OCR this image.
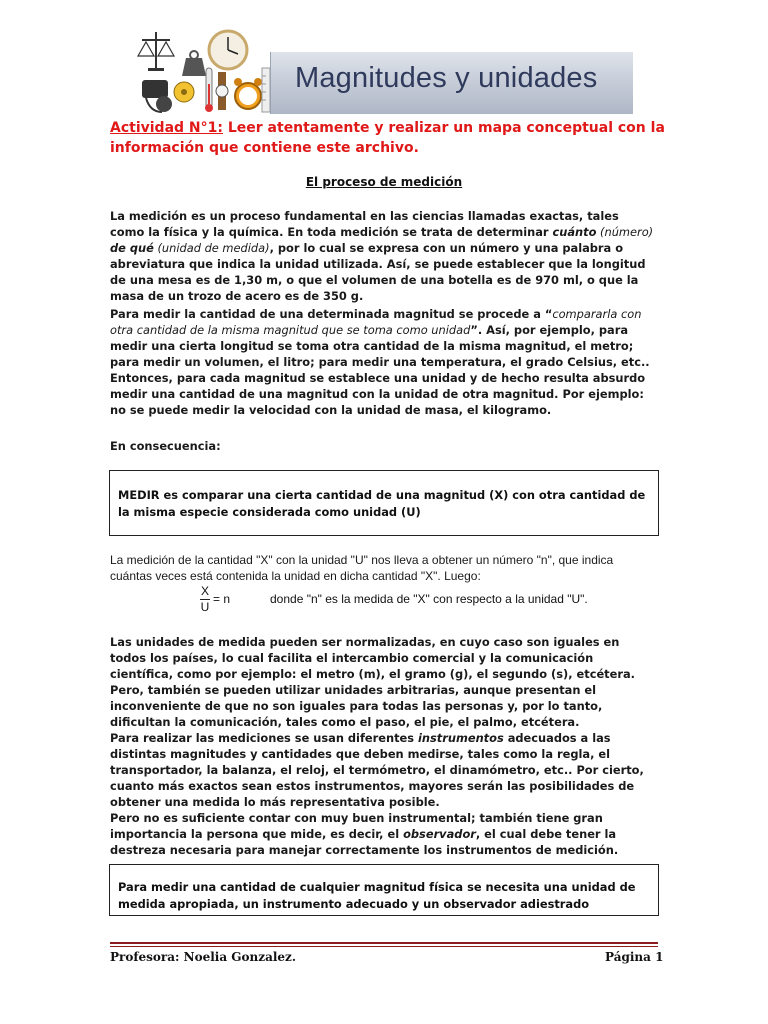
Magnitudes y unidades
Actividad N°1: Leer atentamente y realizar un mapa conceptual con la información que contiene este archivo.
El proceso de medición
La medición es un proceso fundamental en las ciencias llamadas exactas, tales como la física y la química. En toda medición se trata de determinar cuánto (número) de qué (unidad de medida), por lo cual se expresa con un número y una palabra o abreviatura que indica la unidad utilizada. Así, se puede establecer que la longitud de una mesa es de 1,30 m, o que el volumen de una botella es de 970 ml, o que la masa de un trozo de acero es de 350 g.
Para medir la cantidad de una determinada magnitud se procede a “compararla con otra cantidad de la misma magnitud que se toma como unidad”. Así, por ejemplo, para medir una cierta longitud se toma otra cantidad de la misma magnitud, el metro; para medir un volumen, el litro; para medir una temperatura, el grado Celsius, etc.. Entonces, para cada magnitud se establece una unidad y de hecho resulta absurdo medir una cantidad de una magnitud con la unidad de otra magnitud. Por ejemplo: no se puede medir la velocidad con la unidad de masa, el kilogramo.
En consecuencia:
MEDIR es comparar una cierta cantidad de una magnitud (X) con otra cantidad de la misma especie considerada como unidad (U)
La medición de la cantidad "X" con la unidad "U" nos lleva a obtener un número "n", que indica cuántas veces está contenida la unidad en dicha cantidad "X". Luego:
X
U
= n	donde "n" es la medida de "X" con respecto a la unidad "U".
Las unidades de medida pueden ser normalizadas, en cuyo caso son iguales en todos los países, lo cual facilita el intercambio comercial y la comunicación científica, como por ejemplo: el metro (m), el gramo (g), el segundo (s), etcétera. Pero, también se pueden utilizar unidades arbitrarias, aunque presentan el inconveniente de que no son iguales para todas las personas y, por lo tanto, dificultan la comunicación, tales como el paso, el pie, el palmo, etcétera.
Para realizar las mediciones se usan diferentes instrumentos adecuados a las distintas magnitudes y cantidades que deben medirse, tales como la regla, el transportador, la balanza, el reloj, el termómetro, el dinamómetro, etc.. Por cierto, cuanto más exactos sean estos instrumentos, mayores serán las posibilidades de obtener una medida lo más representativa posible.
Pero no es suficiente contar con muy buen instrumental; también tiene gran importancia la persona que mide, es decir, el observador, el cual debe tener la destreza necesaria para manejar correctamente los instrumentos de medición.
Para medir una cantidad de cualquier magnitud física se necesita una unidad de medida apropiada, un instrumento adecuado y un observador adiestrado
Profesora: Noelia Gonzalez.	Página 1
